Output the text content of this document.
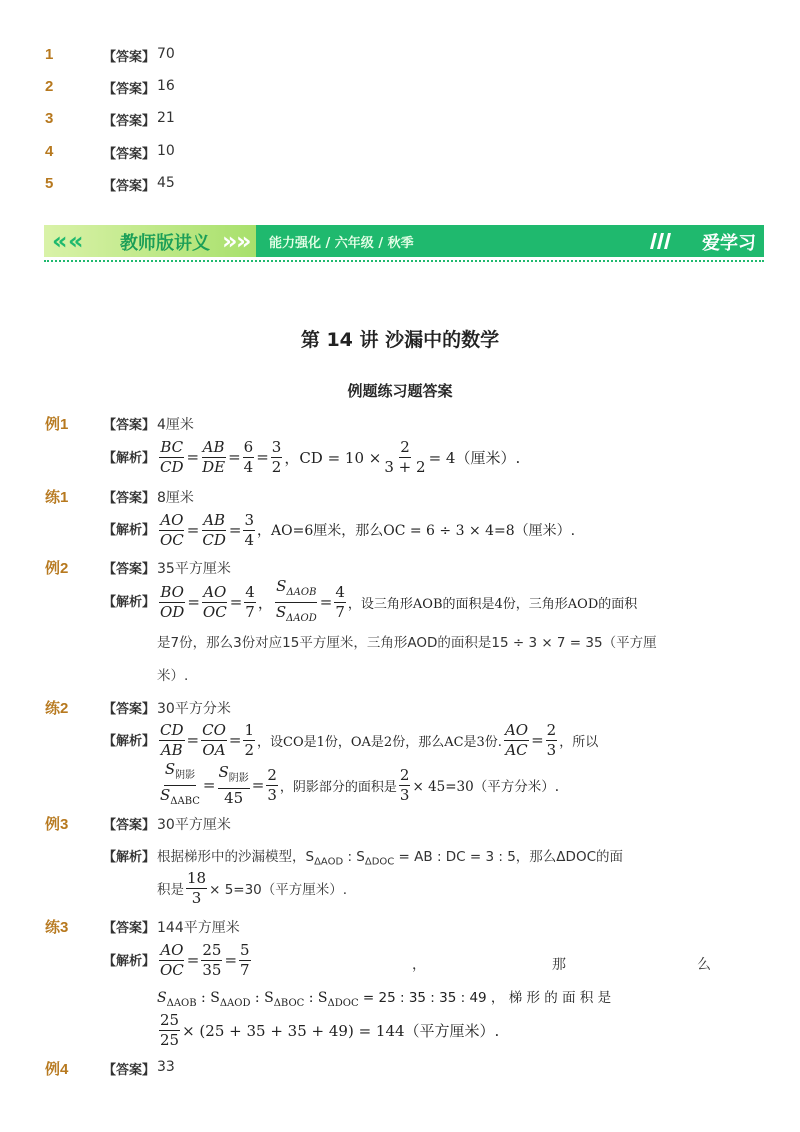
1	【答案】 70
2	【答案】 16
3	【答案】 21
4	【答案】 10
5	【答案】 45
« « 教师版讲义 »
» 能力强化 / 六年级 / 秋季	爱学习
第 14 讲 沙漏中的数学
例题练习题答案
例1	【答案】 4厘米
【解析】 $\frac{BC}{CD} = \frac{AB}{DE} = \frac{6}{4} = \frac{3}{2}$ ，CD = $10 \times \frac{2}{3 + 2} = 4$（厘米）.
练1	【答案】 8厘米
【解析】 $\frac{AO}{OC} = \frac{AB}{CD} = \frac{3}{4}$ ，AO=6厘米，那么OC = 6 ÷ 3 × 4=8（厘米）.
例2	【答案】 35平方厘米
【解析】 $\frac{BO}{OD} = \frac{AO}{OC} = \frac{4}{7}$ ， $\frac{S_{\Delta AOB}}{S_{\Delta AOD}} = \frac{4}{7}$ ，设三角形AOB的面积是4份，三角形AOD的面积
是7份，那么3份对应15平方厘米，三角形AOD的面积是15 ÷ 3 × 7 = 35（平方厘
米）.
练2	【答案】 30平方分米
【解析】 $\frac{CD}{AB} = \frac{CO}{OA} = \frac{1}{2}$ ，设CO是1份，OA是2份，那么AC是3份. $\frac{AO}{AC} = \frac{2}{3}$ ，所以
$\frac{S_{阴影}}{S_{\Delta ABC}} = \frac{S_{阴影}}{45} = \frac{2}{3}$ ，阴影部分的面积是 $\frac{2}{3} \times 45=30$（平方分米）.
例3	【答案】 30平方厘米
【解析】 根据梯形中的沙漏模型，$S_{\Delta AOD}$ : $S_{\Delta DOC}$ = AB : DC = 3 : 5，那么ΔDOC的面
积是 $\frac{18}{3} \times 5=30$（平方厘米）.
练3	【答案】 144平方厘米
【解析】 $\frac{AO}{OC} = \frac{25}{35} = \frac{5}{7}$	，	那	么
$S_{\Delta AOB}$ : $S_{\Delta AOD}$ : $S_{\Delta BOC}$ : $S_{\Delta DOC} = 25$ : 35 : 35 : 49 ， 梯 形 的 面 积 是
$\frac{25}{25} \times (25 + 35 + 35 + 49) = 144$（平方厘米）.
例4	【答案】 33
